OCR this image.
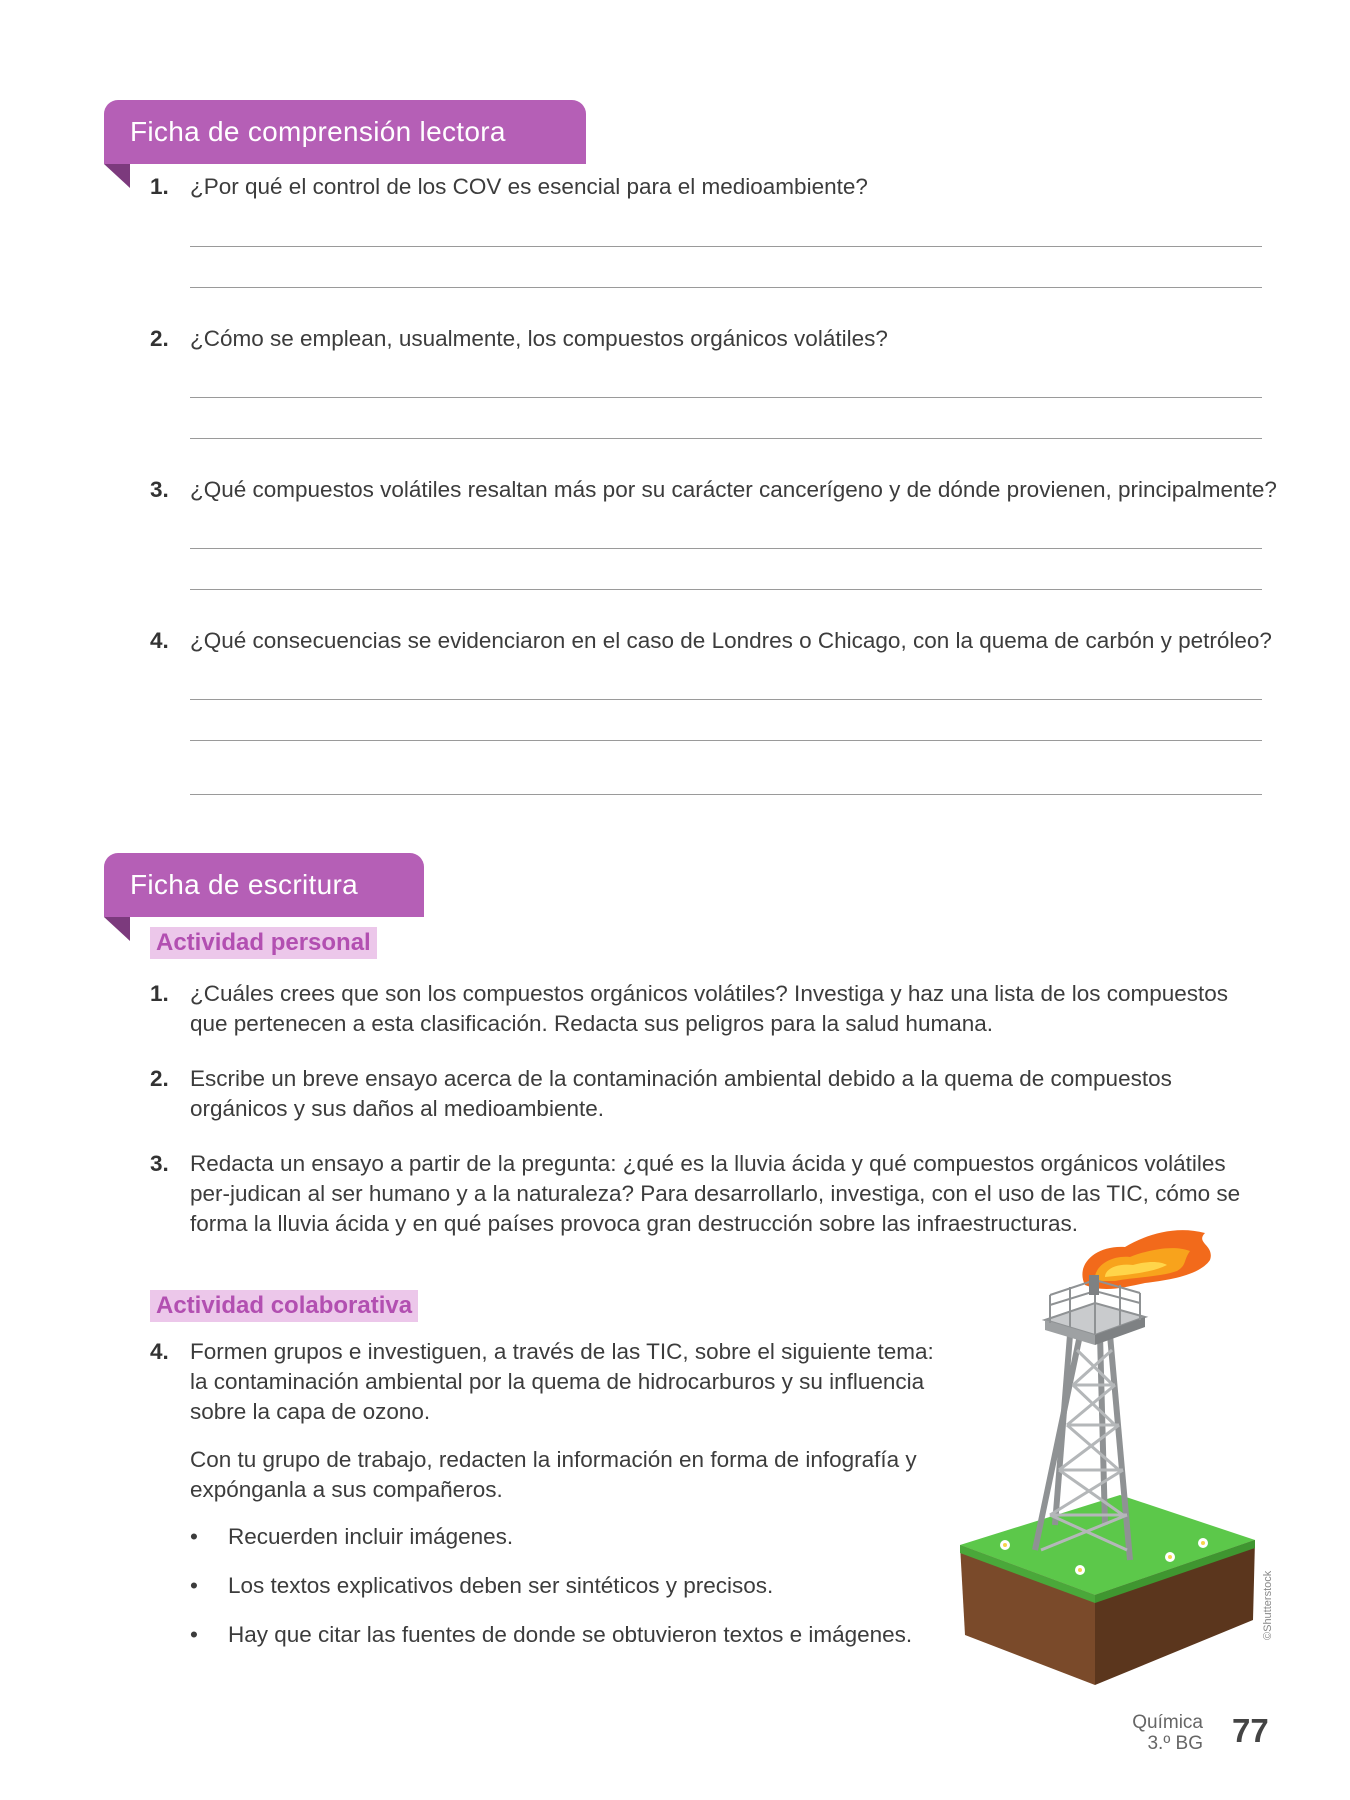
Ficha de comprensión lectora
1. ¿Por qué el control de los COV es esencial para el medioambiente?
2. ¿Cómo se emplean, usualmente, los compuestos orgánicos volátiles?
3. ¿Qué compuestos volátiles resaltan más por su carácter cancerígeno y de dónde provienen, principalmente?
4. ¿Qué consecuencias se evidenciaron en el caso de Londres o Chicago, con la quema de carbón y petróleo?
Ficha de escritura
Actividad personal
1. ¿Cuáles crees que son los compuestos orgánicos volátiles? Investiga y haz una lista de los compuestos que pertenecen a esta clasificación. Redacta sus peligros para la salud humana.
2. Escribe un breve ensayo acerca de la contaminación ambiental debido a la quema de compuestos orgánicos y sus daños al medioambiente.
3. Redacta un ensayo a partir de la pregunta: ¿qué es la lluvia ácida y qué compuestos orgánicos volátiles per-judican al ser humano y a la naturaleza? Para desarrollarlo, investiga, con el uso de las TIC, cómo se forma la lluvia ácida y en qué países provoca gran destrucción sobre las infraestructuras.
Actividad colaborativa
4. Formen grupos e investiguen, a través de las TIC, sobre el siguiente tema: la contaminación ambiental por la quema de hidrocarburos y su influencia sobre la capa de ozono.
Con tu grupo de trabajo, redacten la información en forma de infografía y expónganla a sus compañeros.
• Recuerden incluir imágenes.
• Los textos explicativos deben ser sintéticos y precisos.
• Hay que citar las fuentes de donde se obtuvieron textos e imágenes.	©Shutterstock
Química
3.º BG 77
